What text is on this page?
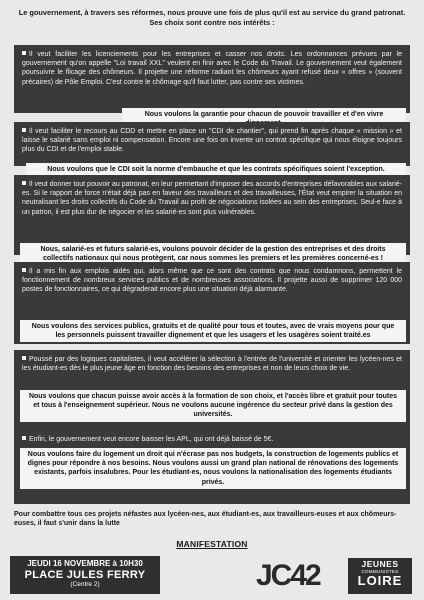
Le gouvernement, à travers ses réformes, nous prouve une fois de plus qu'il est au service du grand patronat. Ses choix sont contre nos intérêts :
Il veut faciliter les licenciements pour les entreprises et casser nos droits. Les ordonnances prévues par le gouvernement qu'on appelle "Loi travail XXL" veulent en finir avec le Code du Travail. Le gouvernement veut également poursuivre le flicage des chômeurs. Il projette une réforme radiant les chômeurs ayant refusé deux « offres » (souvent précaires) de Pôle Emploi. C'est contre le chômage qu'il faut lutter, pas contre ses victimes.
Nous voulons la garantie pour chacun de pouvoir travailler et d'en vivre
Il veut faciliter le recours au CDD et mettre en place un "CDI de chantier", qui prend fin après chaque « mission » et laisse le salarié sans emploi ni compensation. Encore une fois on invente un contrat spécifique qui nous éloigne toujours plus du CDI et de l'emploi stable.
Nous voulons que le CDI soit la norme d'embauche et que les contrats spécifiques soient l'exception.
Il veut donner tout pouvoir au patronat, en leur permettant d'imposer des accords d'entreprises défavorables aux salarié-es. Si le rapport de force n'était déjà pas en faveur des travailleurs et des travailleuses, l'État veut empirer la situation en neutralisant les droits collectifs du Code du Travail au profit de négociations isolées au sein des entreprises. Seul-e face à un patron, il est plus dur de négocier et les salarié-es sont plus vulnérables.
Nous, salarié-es et futurs salarié-es, voulons pouvoir décider de la gestion des entreprises et des droits collectifs nationaux qui nous protègent, car nous sommes les premiers et les premières concerné-es !
Il a mis fin aux emplois aidés qui, alors même que ce sont des contrats que nous condamnons, permettent le fonctionnement de nombreux services publics et de nombreuses associations. Il projette aussi de supprimer 120 000 postes de fonctionnaires, ce qui dégraderait encore plus une situation déjà alarmante.
Nous voulons des services publics, gratuits et de qualité pour tous et toutes, avec de vrais moyens pour que les personnels puissent travailler dignement et que les usagers et les usagères soient traité.es
Poussé par des logiques capitalistes, il veut accélérer la sélection à l'entrée de l'université et orienter les lycéen-nes et les étudiant-es dès le plus jeune âge en fonction des besoins des entreprises et non de leurs choix de vie.
Nous voulons que chacun puisse avoir accès à la formation de son choix, et l'accès libre et gratuit pour toutes et tous à l'enseignement supérieur. Nous ne voulons aucune ingérence du secteur privé dans la gestion des universités.
Enfin, le gouvernement veut encore baisser les APL, qui ont déjà baissé de 5€.
Nous voulons faire du logement un droit qui n'écrase pas nos budgets, la construction de logements publics et dignes pour répondre à nos besoins. Nous voulons aussi un grand plan national de rénovations des logements existants, parfois insalubres. Pour les étudiant-es, nous voulons la nationalisation des logements étudiants privés.
Pour combattre tous ces projets néfastes aux lycéen-nes, aux étudiant-es, aux travailleurs-euses et aux chômeurs-euses, il faut s'unir dans la lutte
MANIFESTATION
JEUDI 16 NOVEMBRE à 10H30
PLACE JULES FERRY
(Centre 2)	JC42	JEUNES
COMMUNISTES
LOIRE
